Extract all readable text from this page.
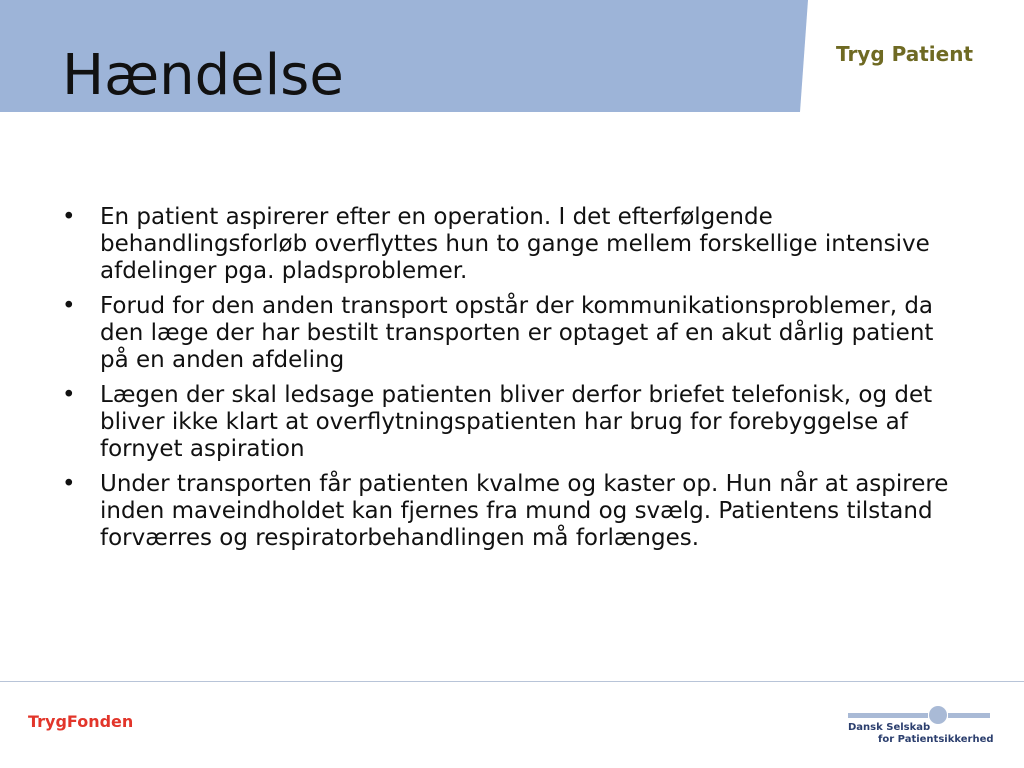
Hændelse	Tryg Patient
• En patient aspirerer efter en operation. I det efterfølgende behandlingsforløb overflyttes hun to gange mellem forskellige intensive afdelinger pga. pladsproblemer.
• Forud for den anden transport opstår der kommunikationsproblemer, da den læge der har bestilt transporten er optaget af en akut dårlig patient på en anden afdeling
• Lægen der skal ledsage patienten bliver derfor briefet telefonisk, og det bliver ikke klart at overflytningspatienten har brug for forebyggelse af fornyet aspiration
• Under transporten får patienten kvalme og kaster op. Hun når at aspirere inden maveindholdet kan fjernes fra mund og svælg. Patientens tilstand forværres og respiratorbehandlingen må forlænges.
TrygFonden	Dansk Selskab
for Patientsikkerhed
